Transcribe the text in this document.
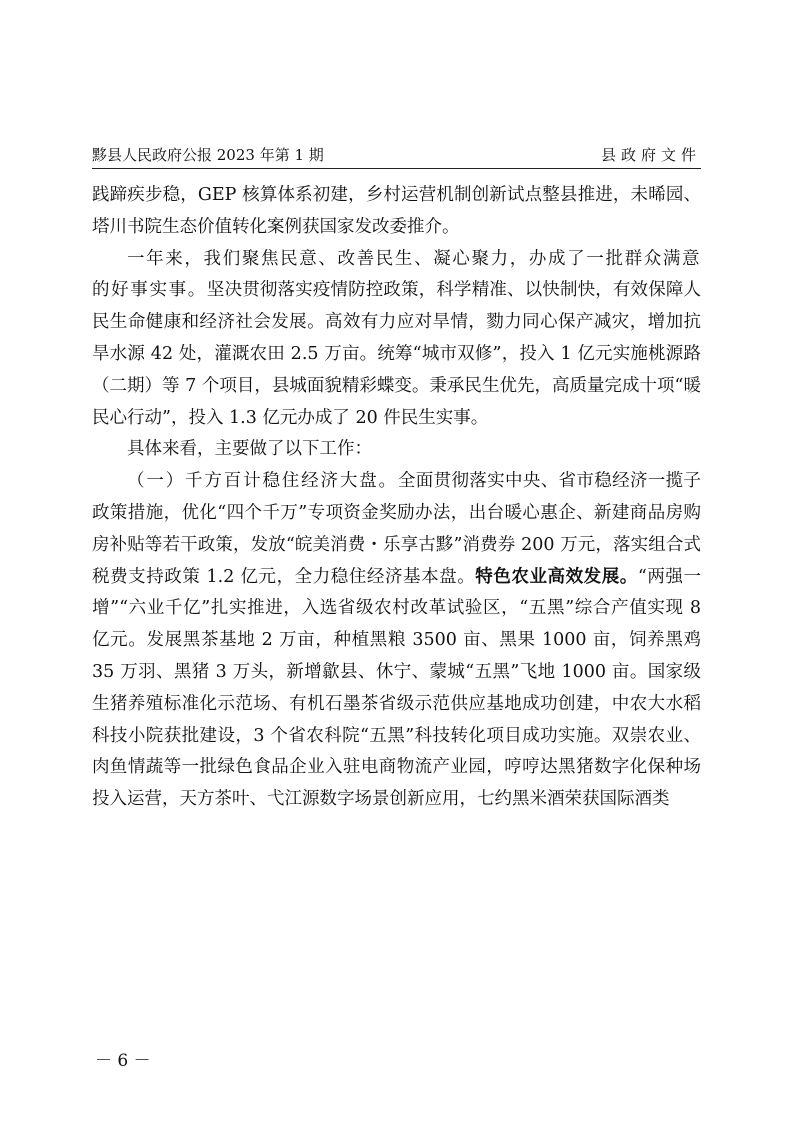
黟县人民政府公报 2023 年第 1 期	县政府文件

践蹄疾步稳，GEP 核算体系初建，乡村运营机制创新试点整县推进，未晞园、塔川书院生态价值转化案例获国家发改委推介。

一年来，我们聚焦民意、改善民生、凝心聚力，办成了一批群众满意的好事实事。坚决贯彻落实疫情防控政策，科学精准、以快制快，有效保障人民生命健康和经济社会发展。高效有力应对旱情，勠力同心保产减灾，增加抗旱水源 42 处，灌溉农田 2.5 万亩。统筹“城市双修”，投入 1 亿元实施桃源路（二期）等 7 个项目，县城面貌精彩蝶变。秉承民生优先，高质量完成十项“暖民心行动”，投入 1.3 亿元办成了 20 件民生实事。

具体来看，主要做了以下工作：

（一）千方百计稳住经济大盘。全面贯彻落实中央、省市稳经济一揽子政策措施，优化“四个千万”专项资金奖励办法，出台暖心惠企、新建商品房购房补贴等若干政策，发放“皖美消费・乐享古黟”消费券 200 万元，落实组合式税费支持政策 1.2 亿元，全力稳住经济基本盘。特色农业高效发展。“两强一增”“六业千亿”扎实推进，入选省级农村改革试验区，“五黑”综合产值实现 8 亿元。发展黑茶基地 2 万亩，种植黑粮 3500 亩、黑果 1000 亩，饲养黑鸡 35 万羽、黑猪 3 万头，新增歙县、休宁、蒙城“五黑”飞地 1000 亩。国家级生猪养殖标准化示范场、有机石墨茶省级示范供应基地成功创建，中农大水稻科技小院获批建设，3 个省农科院“五黑”科技转化项目成功实施。双崇农业、肉鱼情蔬等一批绿色食品企业入驻电商物流产业园，哼哼达黑猪数字化保种场投入运营，天方茶叶、弋江源数字场景创新应用，七约黑米酒荣获国际酒类

－ 6 －
